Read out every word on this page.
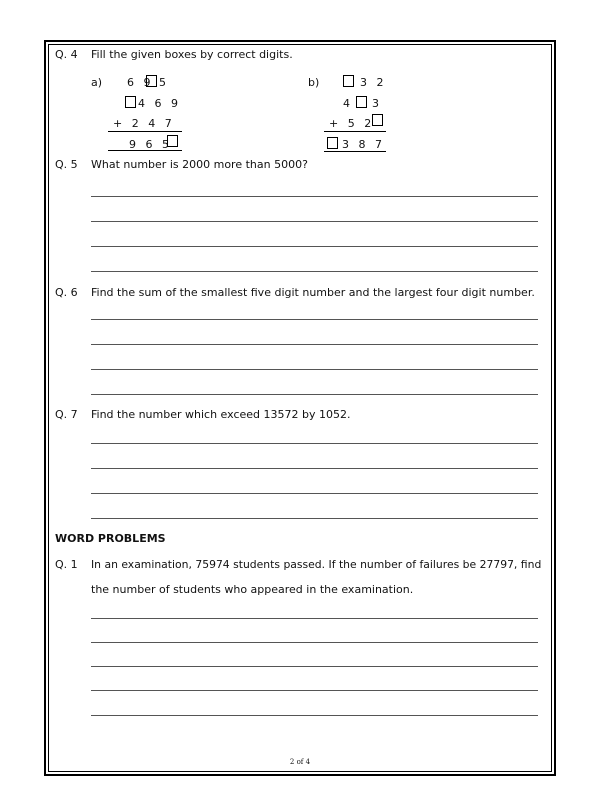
Q. 4 Fill the given boxes by correct digits.
a) 6 9 5
4 6 9
+ 2 4 7
9 6 5
b)	3 2
4 3
+ 5 2
3 8 7
Q. 5 What number is 2000 more than 5000?
Q. 6 Find the sum of the smallest five digit number and the largest four digit number.
Q. 7 Find the number which exceed 13572 by 1052.
WORD PROBLEMS
Q. 1 In an examination, 75974 students passed. If the number of failures be 27797, find
the number of students who appeared in the examination.
2 of 4
